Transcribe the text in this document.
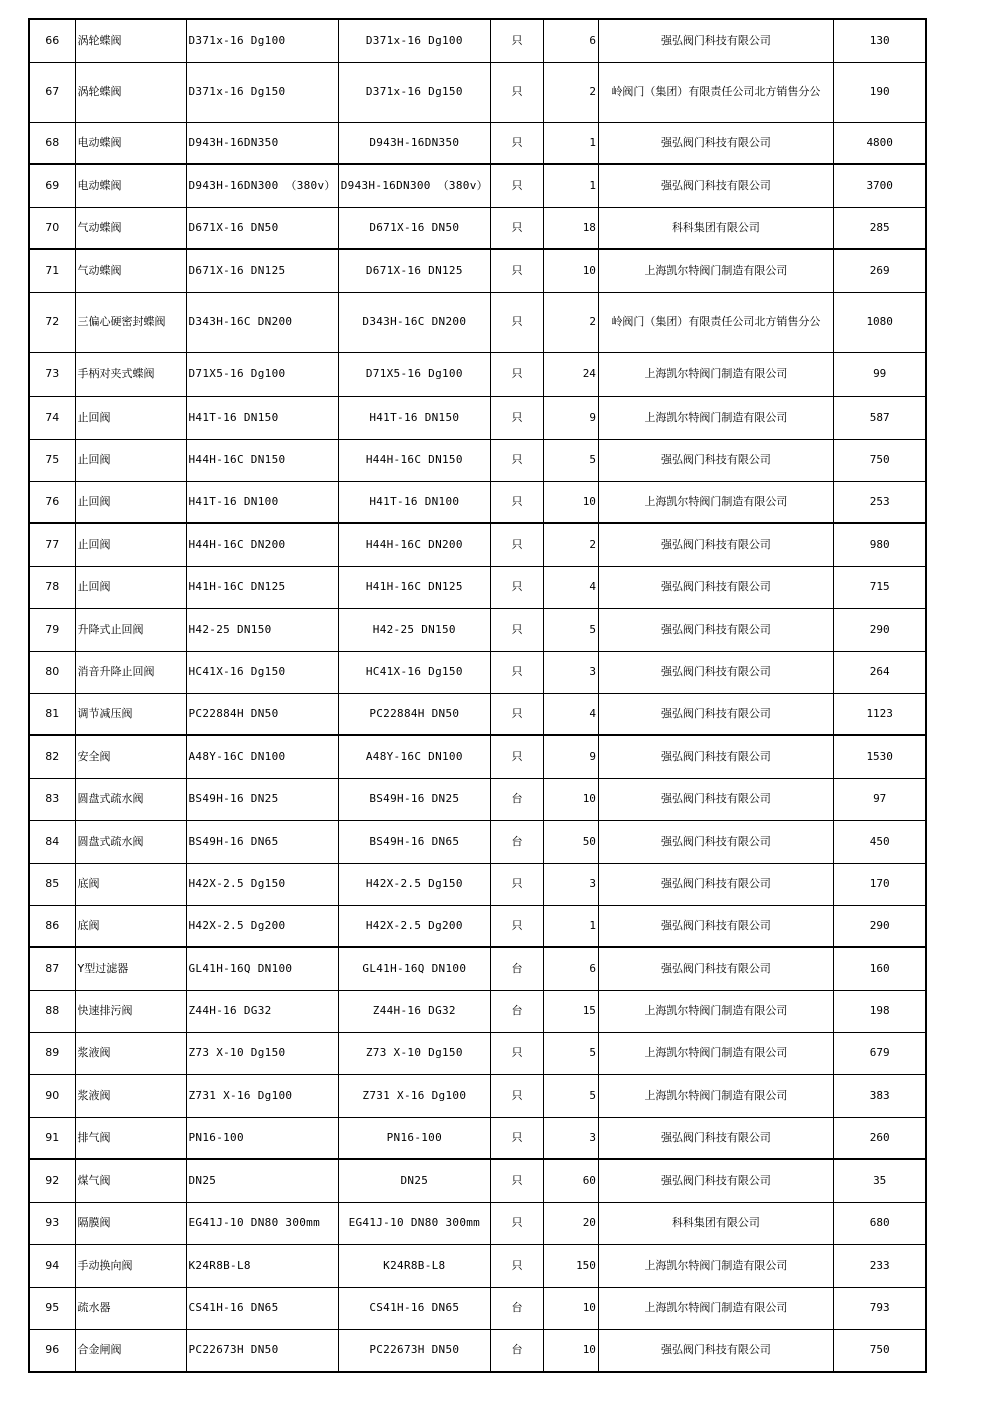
66	涡轮蝶阀	D371x-16 Dg100	D371x-16 Dg100	只	6	强弘阀门科技有限公司	130
67	涡轮蝶阀	D371x-16 Dg150	D371x-16 Dg150	只	2	岭阀门（集团）有限责任公司北方销售分公	190
68	电动蝶阀	D943H-16DN350	D943H-16DN350	只	1	强弘阀门科技有限公司	4800
69	电动蝶阀	D943H-16DN300 （380v）	D943H-16DN300 （380v）	只	1	强弘阀门科技有限公司	3700
70	气动蝶阀	D671X-16 DN50	D671X-16 DN50	只	18	科科集团有限公司	285
71	气动蝶阀	D671X-16 DN125	D671X-16 DN125	只	10	上海凯尔特阀门制造有限公司	269
72	三偏心硬密封蝶阀	D343H-16C DN200	D343H-16C DN200	只	2	岭阀门（集团）有限责任公司北方销售分公	1080
73	手柄对夹式蝶阀	D71X5-16 Dg100	D71X5-16 Dg100	只	24	上海凯尔特阀门制造有限公司	99
74	止回阀	H41T-16 DN150	H41T-16 DN150	只	9	上海凯尔特阀门制造有限公司	587
75	止回阀	H44H-16C DN150	H44H-16C DN150	只	5	强弘阀门科技有限公司	750
76	止回阀	H41T-16 DN100	H41T-16 DN100	只	10	上海凯尔特阀门制造有限公司	253
77	止回阀	H44H-16C DN200	H44H-16C DN200	只	2	强弘阀门科技有限公司	980
78	止回阀	H41H-16C DN125	H41H-16C DN125	只	4	强弘阀门科技有限公司	715
79	升降式止回阀	H42-25 DN150	H42-25 DN150	只	5	强弘阀门科技有限公司	290
80	消音升降止回阀	HC41X-16 Dg150	HC41X-16 Dg150	只	3	强弘阀门科技有限公司	264
81	调节减压阀	PC22884H DN50	PC22884H DN50	只	4	强弘阀门科技有限公司	1123
82	安全阀	A48Y-16C DN100	A48Y-16C DN100	只	9	强弘阀门科技有限公司	1530
83	圆盘式疏水阀	BS49H-16 DN25	BS49H-16 DN25	台	10	强弘阀门科技有限公司	97
84	圆盘式疏水阀	BS49H-16 DN65	BS49H-16 DN65	台	50	强弘阀门科技有限公司	450
85	底阀	H42X-2.5 Dg150	H42X-2.5 Dg150	只	3	强弘阀门科技有限公司	170
86	底阀	H42X-2.5 Dg200	H42X-2.5 Dg200	只	1	强弘阀门科技有限公司	290
87	Y型过滤器	GL41H-16Q DN100	GL41H-16Q DN100	台	6	强弘阀门科技有限公司	160
88	快速排污阀	Z44H-16 DG32	Z44H-16 DG32	台	15	上海凯尔特阀门制造有限公司	198
89	浆液阀	Z73 X-10 Dg150	Z73 X-10 Dg150	只	5	上海凯尔特阀门制造有限公司	679
90	浆液阀	Z731 X-16 Dg100	Z731 X-16 Dg100	只	5	上海凯尔特阀门制造有限公司	383
91	排气阀	PN16-100	PN16-100	只	3	强弘阀门科技有限公司	260
92	煤气阀	DN25	DN25	只	60	强弘阀门科技有限公司	35
93	隔膜阀	EG41J-10 DN80 300mm	EG41J-10 DN80 300mm	只	20	科科集团有限公司	680
94	手动换向阀	K24R8B-L8	K24R8B-L8	只	150	上海凯尔特阀门制造有限公司	233
95	疏水器	CS41H-16 DN65	CS41H-16 DN65	台	10	上海凯尔特阀门制造有限公司	793
96	合金闸阀	PC22673H DN50	PC22673H DN50	台	10	强弘阀门科技有限公司	750
